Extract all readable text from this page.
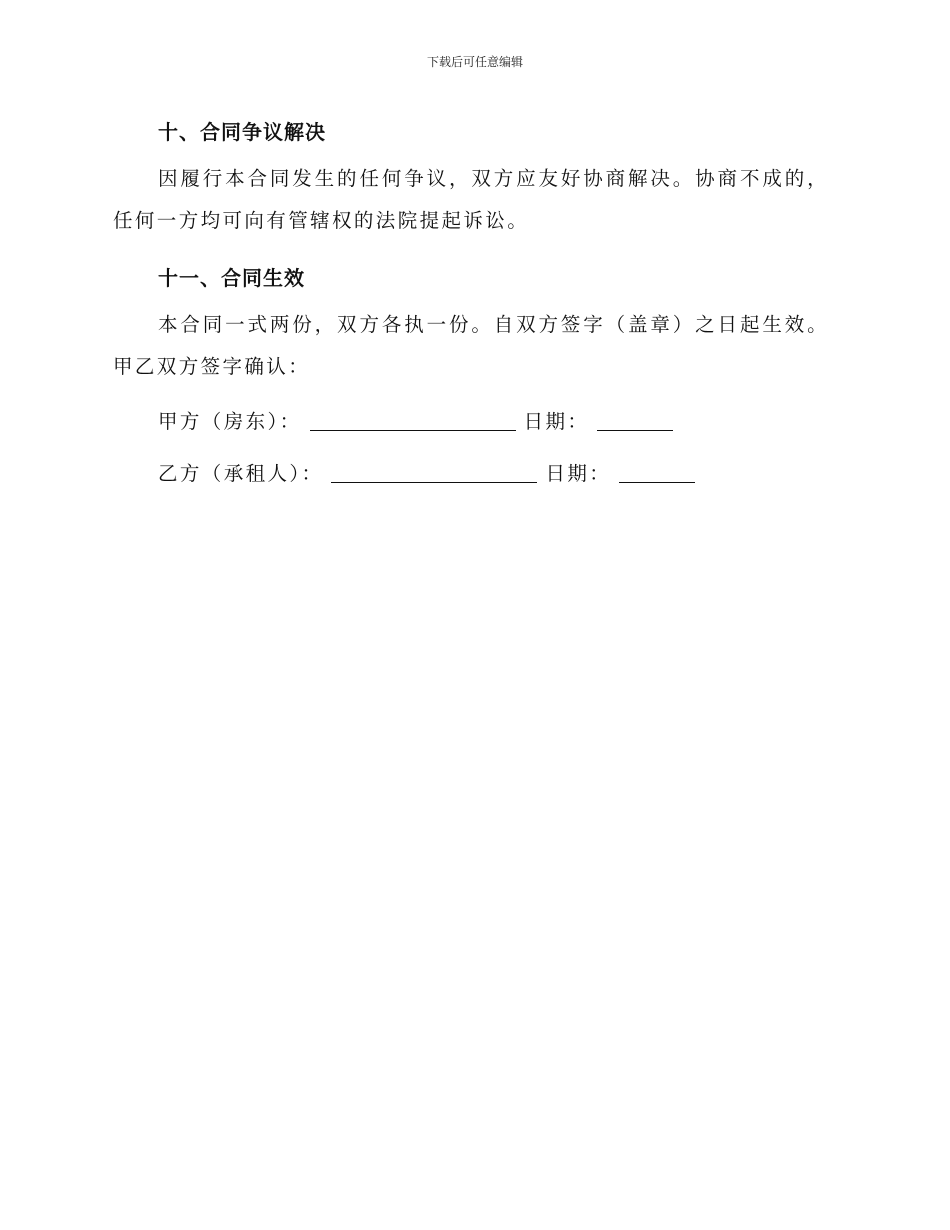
下载后可任意编辑
十、合同争议解决
因履行本合同发生的任何争议，双方应友好协商解决。协商不成的，任何一方均可向有管辖权的法院提起诉讼。
十一、合同生效
本合同一式两份，双方各执一份。自双方签字（盖章）之日起生效。甲乙双方签字确认：
甲方（房东）：	日期：
乙方（承租人）：	日期：
